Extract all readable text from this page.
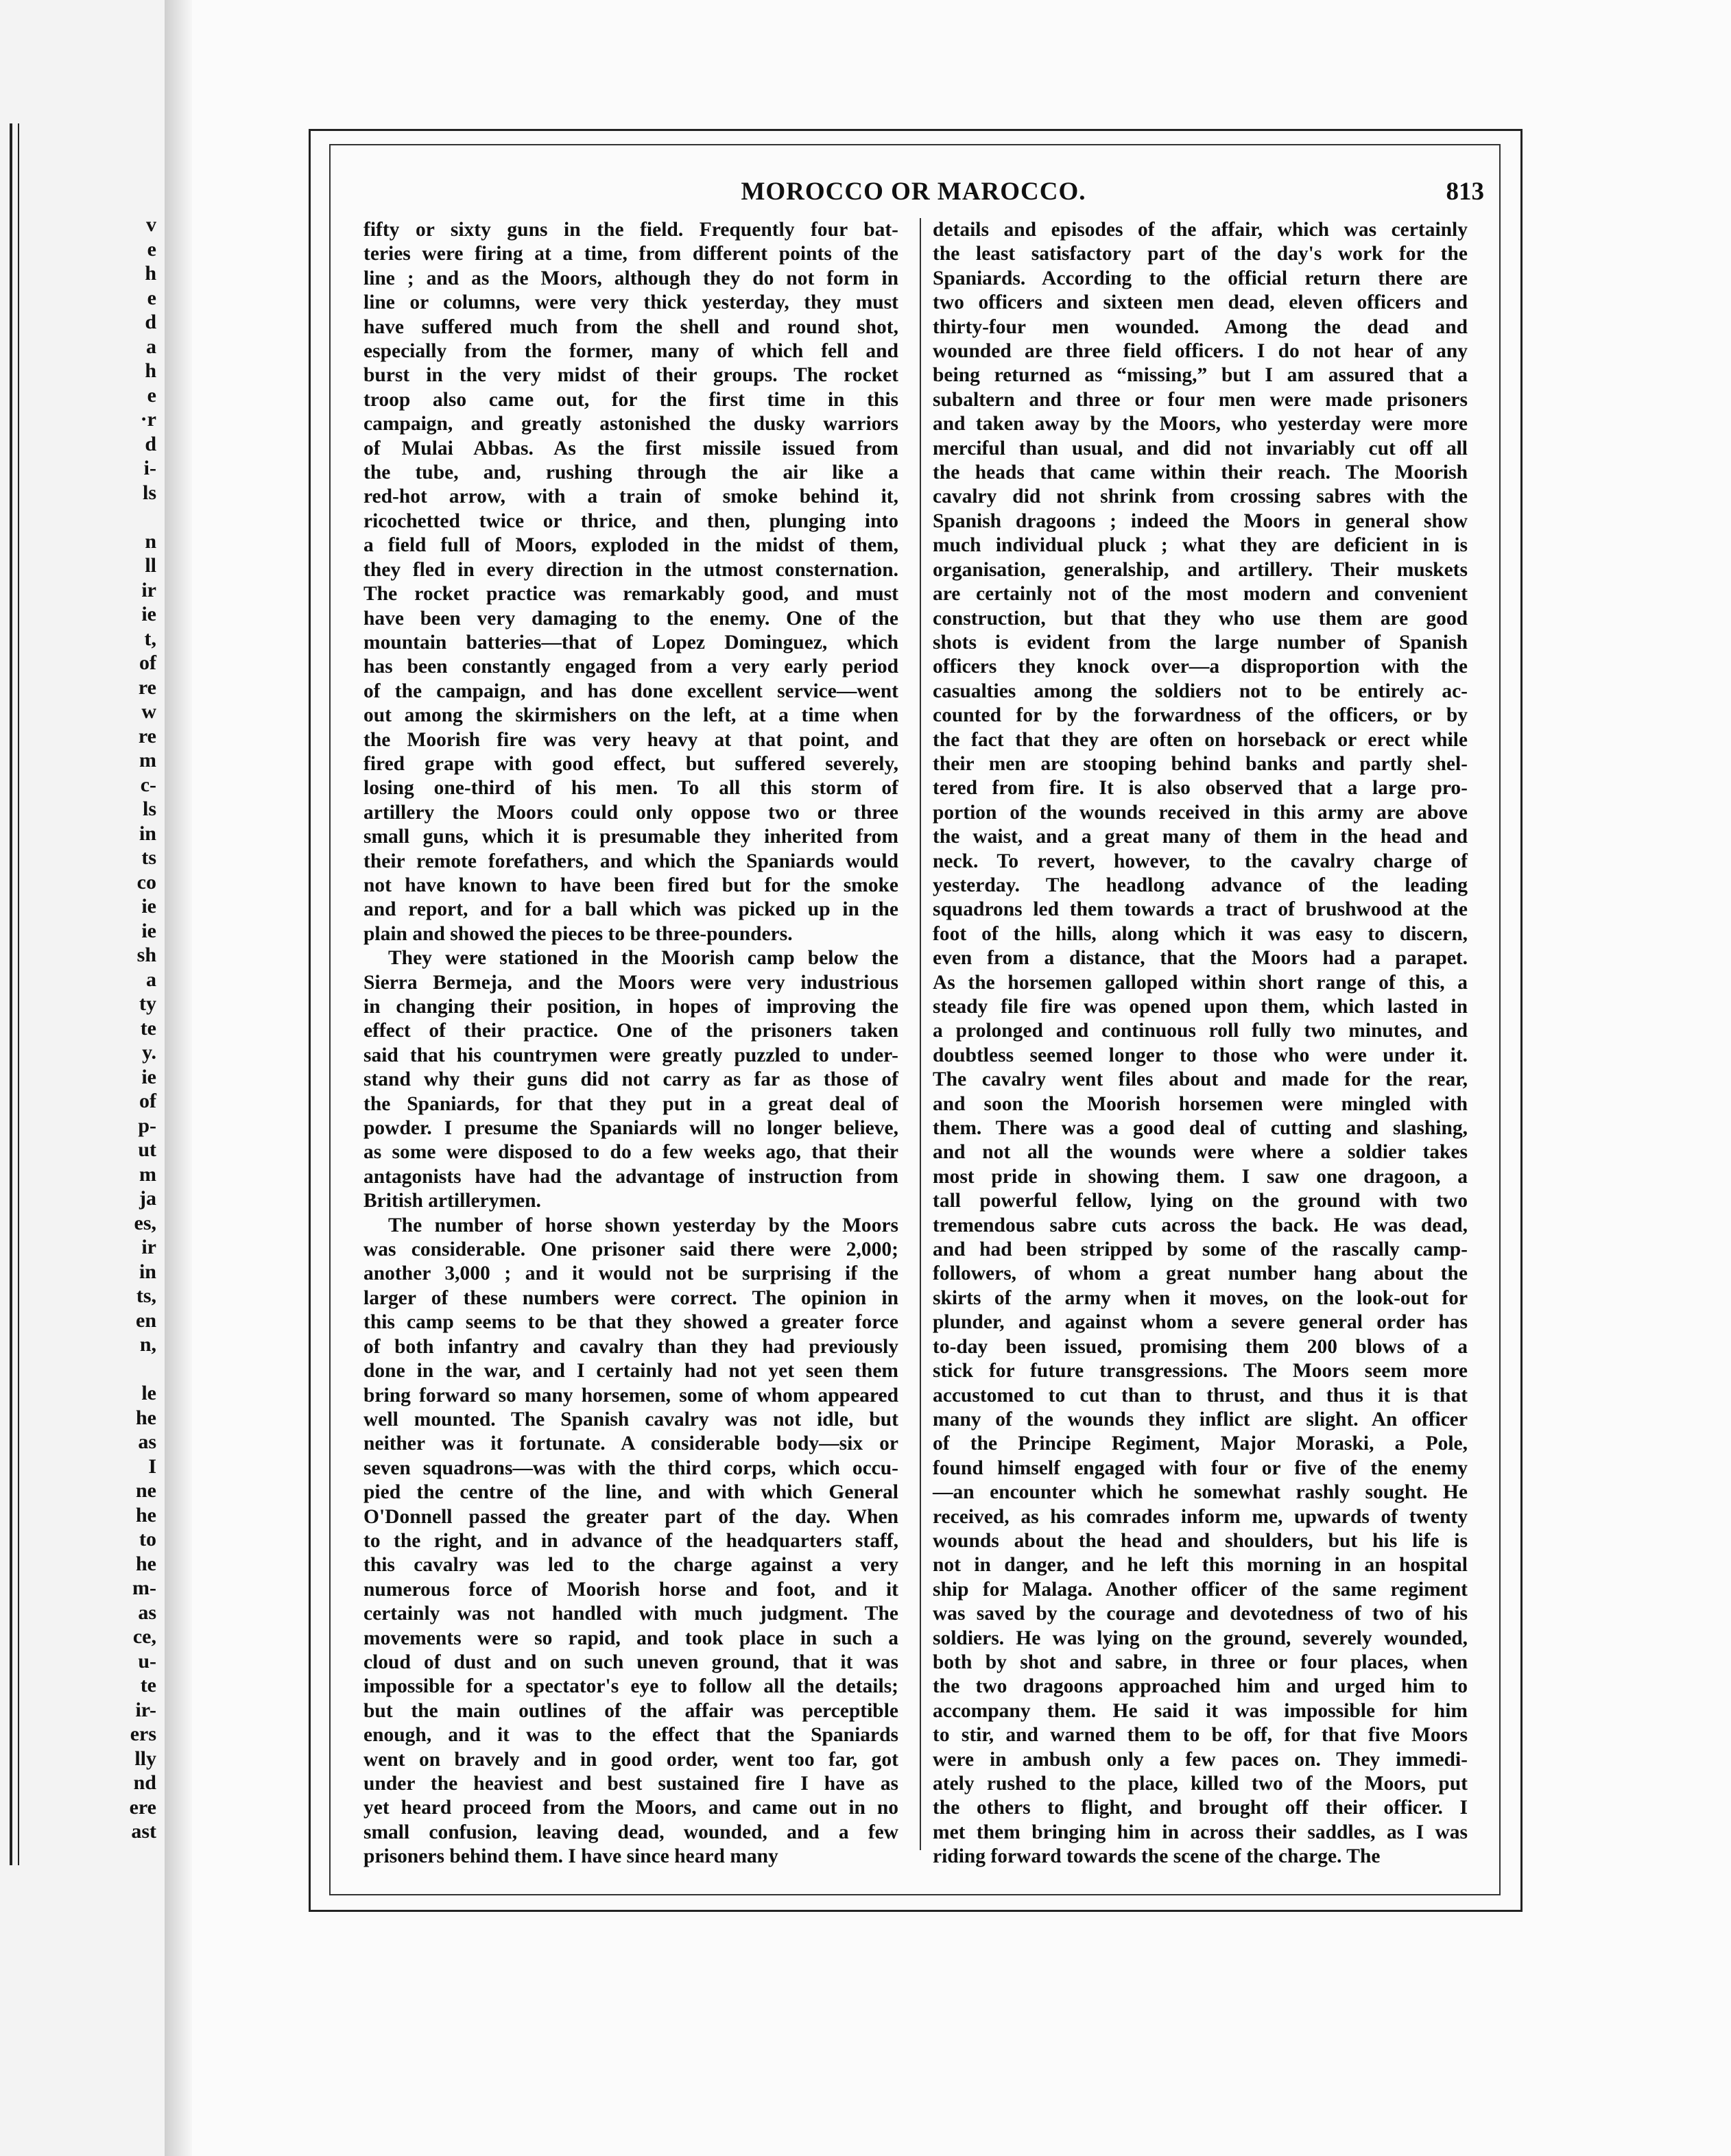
v
e
h
e
d
a
h
e
·r
d
i-
ls

n
ll
ir
ie
t,
of
re
w
re
m
c-
ls
in
ts
co
ie
ie
sh
a
ty
te
y.
ie
of
p-
ut
m
ja
es,
ir
in
ts,
en
n,

le
he
as
I
ne
he
to
he
m-
as
ce,
u-
te
ir-
ers
lly
nd
ere
ast
MOROCCO OR MAROCCO.	813
fifty or sixty guns in the field. Frequently four bat-
teries were firing at a time, from different points of the
line ; and as the Moors, although they do not form in
line or columns, were very thick yesterday, they must
have suffered much from the shell and round shot,
especially from the former, many of which fell and
burst in the very midst of their groups. The rocket
troop also came out, for the first time in this
campaign, and greatly astonished the dusky warriors
of Mulai Abbas. As the first missile issued from
the tube, and, rushing through the air like a
red-hot arrow, with a train of smoke behind it,
ricochetted twice or thrice, and then, plunging into
a field full of Moors, exploded in the midst of them,
they fled in every direction in the utmost consternation.
The rocket practice was remarkably good, and must
have been very damaging to the enemy. One of the
mountain batteries—that of Lopez Dominguez, which
has been constantly engaged from a very early period
of the campaign, and has done excellent service—went
out among the skirmishers on the left, at a time when
the Moorish fire was very heavy at that point, and
fired grape with good effect, but suffered severely,
losing one-third of his men. To all this storm of
artillery the Moors could only oppose two or three
small guns, which it is presumable they inherited from
their remote forefathers, and which the Spaniards would
not have known to have been fired but for the smoke
and report, and for a ball which was picked up in the
plain and showed the pieces to be three-pounders.
They were stationed in the Moorish camp below the
Sierra Bermeja, and the Moors were very industrious
in changing their position, in hopes of improving the
effect of their practice. One of the prisoners taken
said that his countrymen were greatly puzzled to under-
stand why their guns did not carry as far as those of
the Spaniards, for that they put in a great deal of
powder. I presume the Spaniards will no longer believe,
as some were disposed to do a few weeks ago, that their
antagonists have had the advantage of instruction from
British artillerymen.
The number of horse shown yesterday by the Moors
was considerable. One prisoner said there were 2,000;
another 3,000 ; and it would not be surprising if the
larger of these numbers were correct. The opinion in
this camp seems to be that they showed a greater force
of both infantry and cavalry than they had previously
done in the war, and I certainly had not yet seen them
bring forward so many horsemen, some of whom appeared
well mounted. The Spanish cavalry was not idle, but
neither was it fortunate. A considerable body—six or
seven squadrons—was with the third corps, which occu-
pied the centre of the line, and with which General
O'Donnell passed the greater part of the day. When
to the right, and in advance of the headquarters staff,
this cavalry was led to the charge against a very
numerous force of Moorish horse and foot, and it
certainly was not handled with much judgment. The
movements were so rapid, and took place in such a
cloud of dust and on such uneven ground, that it was
impossible for a spectator's eye to follow all the details;
but the main outlines of the affair was perceptible
enough, and it was to the effect that the Spaniards
went on bravely and in good order, went too far, got
under the heaviest and best sustained fire I have as
yet heard proceed from the Moors, and came out in no
small confusion, leaving dead, wounded, and a few
prisoners behind them. I have since heard many
details and episodes of the affair, which was certainly
the least satisfactory part of the day's work for the
Spaniards. According to the official return there are
two officers and sixteen men dead, eleven officers and
thirty-four men wounded. Among the dead and
wounded are three field officers. I do not hear of any
being returned as “missing,” but I am assured that a
subaltern and three or four men were made prisoners
and taken away by the Moors, who yesterday were more
merciful than usual, and did not invariably cut off all
the heads that came within their reach. The Moorish
cavalry did not shrink from crossing sabres with the
Spanish dragoons ; indeed the Moors in general show
much individual pluck ; what they are deficient in is
organisation, generalship, and artillery. Their muskets
are certainly not of the most modern and convenient
construction, but that they who use them are good
shots is evident from the large number of Spanish
officers they knock over—a disproportion with the
casualties among the soldiers not to be entirely ac-
counted for by the forwardness of the officers, or by
the fact that they are often on horseback or erect while
their men are stooping behind banks and partly shel-
tered from fire. It is also observed that a large pro-
portion of the wounds received in this army are above
the waist, and a great many of them in the head and
neck. To revert, however, to the cavalry charge of
yesterday. The headlong advance of the leading
squadrons led them towards a tract of brushwood at the
foot of the hills, along which it was easy to discern,
even from a distance, that the Moors had a parapet.
As the horsemen galloped within short range of this, a
steady file fire was opened upon them, which lasted in
a prolonged and continuous roll fully two minutes, and
doubtless seemed longer to those who were under it.
The cavalry went files about and made for the rear,
and soon the Moorish horsemen were mingled with
them. There was a good deal of cutting and slashing,
and not all the wounds were where a soldier takes
most pride in showing them. I saw one dragoon, a
tall powerful fellow, lying on the ground with two
tremendous sabre cuts across the back. He was dead,
and had been stripped by some of the rascally camp-
followers, of whom a great number hang about the
skirts of the army when it moves, on the look-out for
plunder, and against whom a severe general order has
to-day been issued, promising them 200 blows of a
stick for future transgressions. The Moors seem more
accustomed to cut than to thrust, and thus it is that
many of the wounds they inflict are slight. An officer
of the Principe Regiment, Major Moraski, a Pole,
found himself engaged with four or five of the enemy
—an encounter which he somewhat rashly sought. He
received, as his comrades inform me, upwards of twenty
wounds about the head and shoulders, but his life is
not in danger, and he left this morning in an hospital
ship for Malaga. Another officer of the same regiment
was saved by the courage and devotedness of two of his
soldiers. He was lying on the ground, severely wounded,
both by shot and sabre, in three or four places, when
the two dragoons approached him and urged him to
accompany them. He said it was impossible for him
to stir, and warned them to be off, for that five Moors
were in ambush only a few paces on. They immedi-
ately rushed to the place, killed two of the Moors, put
the others to flight, and brought off their officer. I
met them bringing him in across their saddles, as I was
riding forward towards the scene of the charge. The
